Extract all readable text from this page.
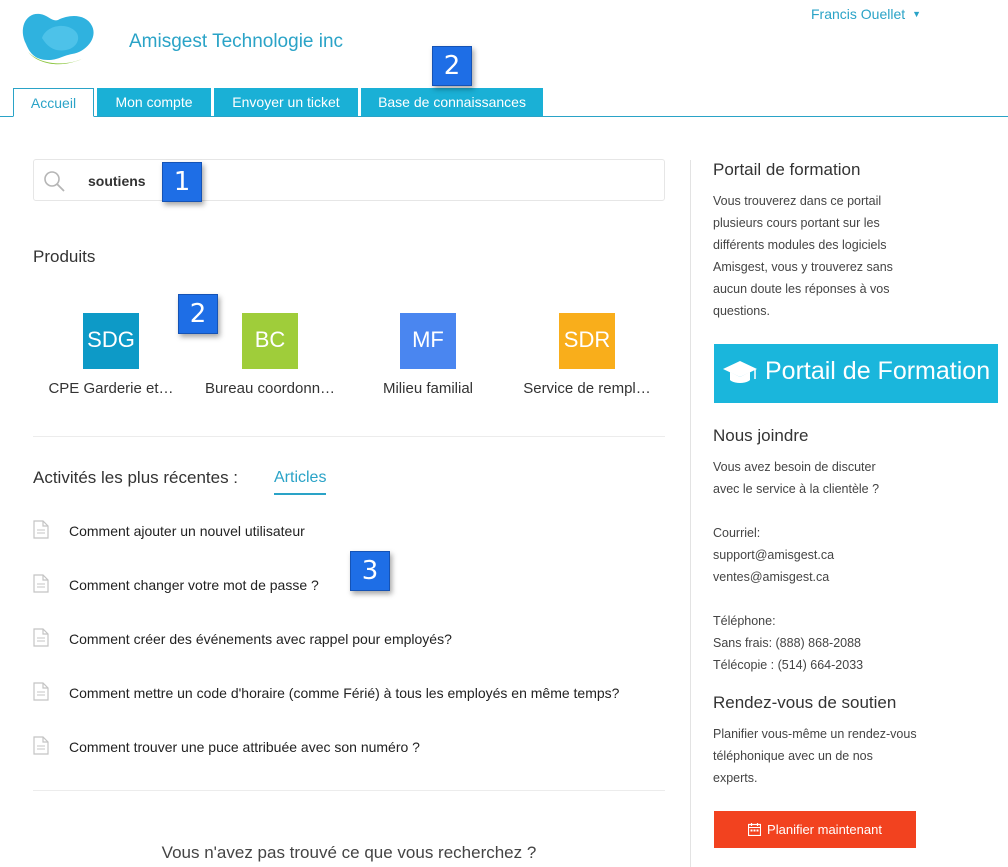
Amisgest Technologie inc
Francis Ouellet ▼
Accueil	Mon compte	Envoyer un ticket	Base de connaissances
soutiens
2
1
2
3
Produits
SDG
CPE Garderie et…
BC
Bureau coordonn…
MF
Milieu familial
SDR
Service de rempl…
Activités les plus récentes : Articles
Comment ajouter un nouvel utilisateur
Comment changer votre mot de passe ?
Comment créer des événements avec rappel pour employés?
Comment mettre un code d'horaire (comme Férié) à tous les employés en même temps?
Comment trouver une puce attribuée avec son numéro ?
Vous n'avez pas trouvé ce que vous recherchez ?
Portail de formation
Vous trouverez dans ce portail plusieurs cours portant sur les différents modules des logiciels Amisgest, vous y trouverez sans aucun doute les réponses à vos questions.
Portail de Formation
Nous joindre
Vous avez besoin de discuter avec le service à la clientèle ?
Courriel:
support@amisgest.ca
ventes@amisgest.ca
Téléphone:
Sans frais: (888) 868-2088
Télécopie : (514) 664-2033
Rendez-vous de soutien
Planifier vous-même un rendez-vous téléphonique avec un de nos experts.
Planifier maintenant
